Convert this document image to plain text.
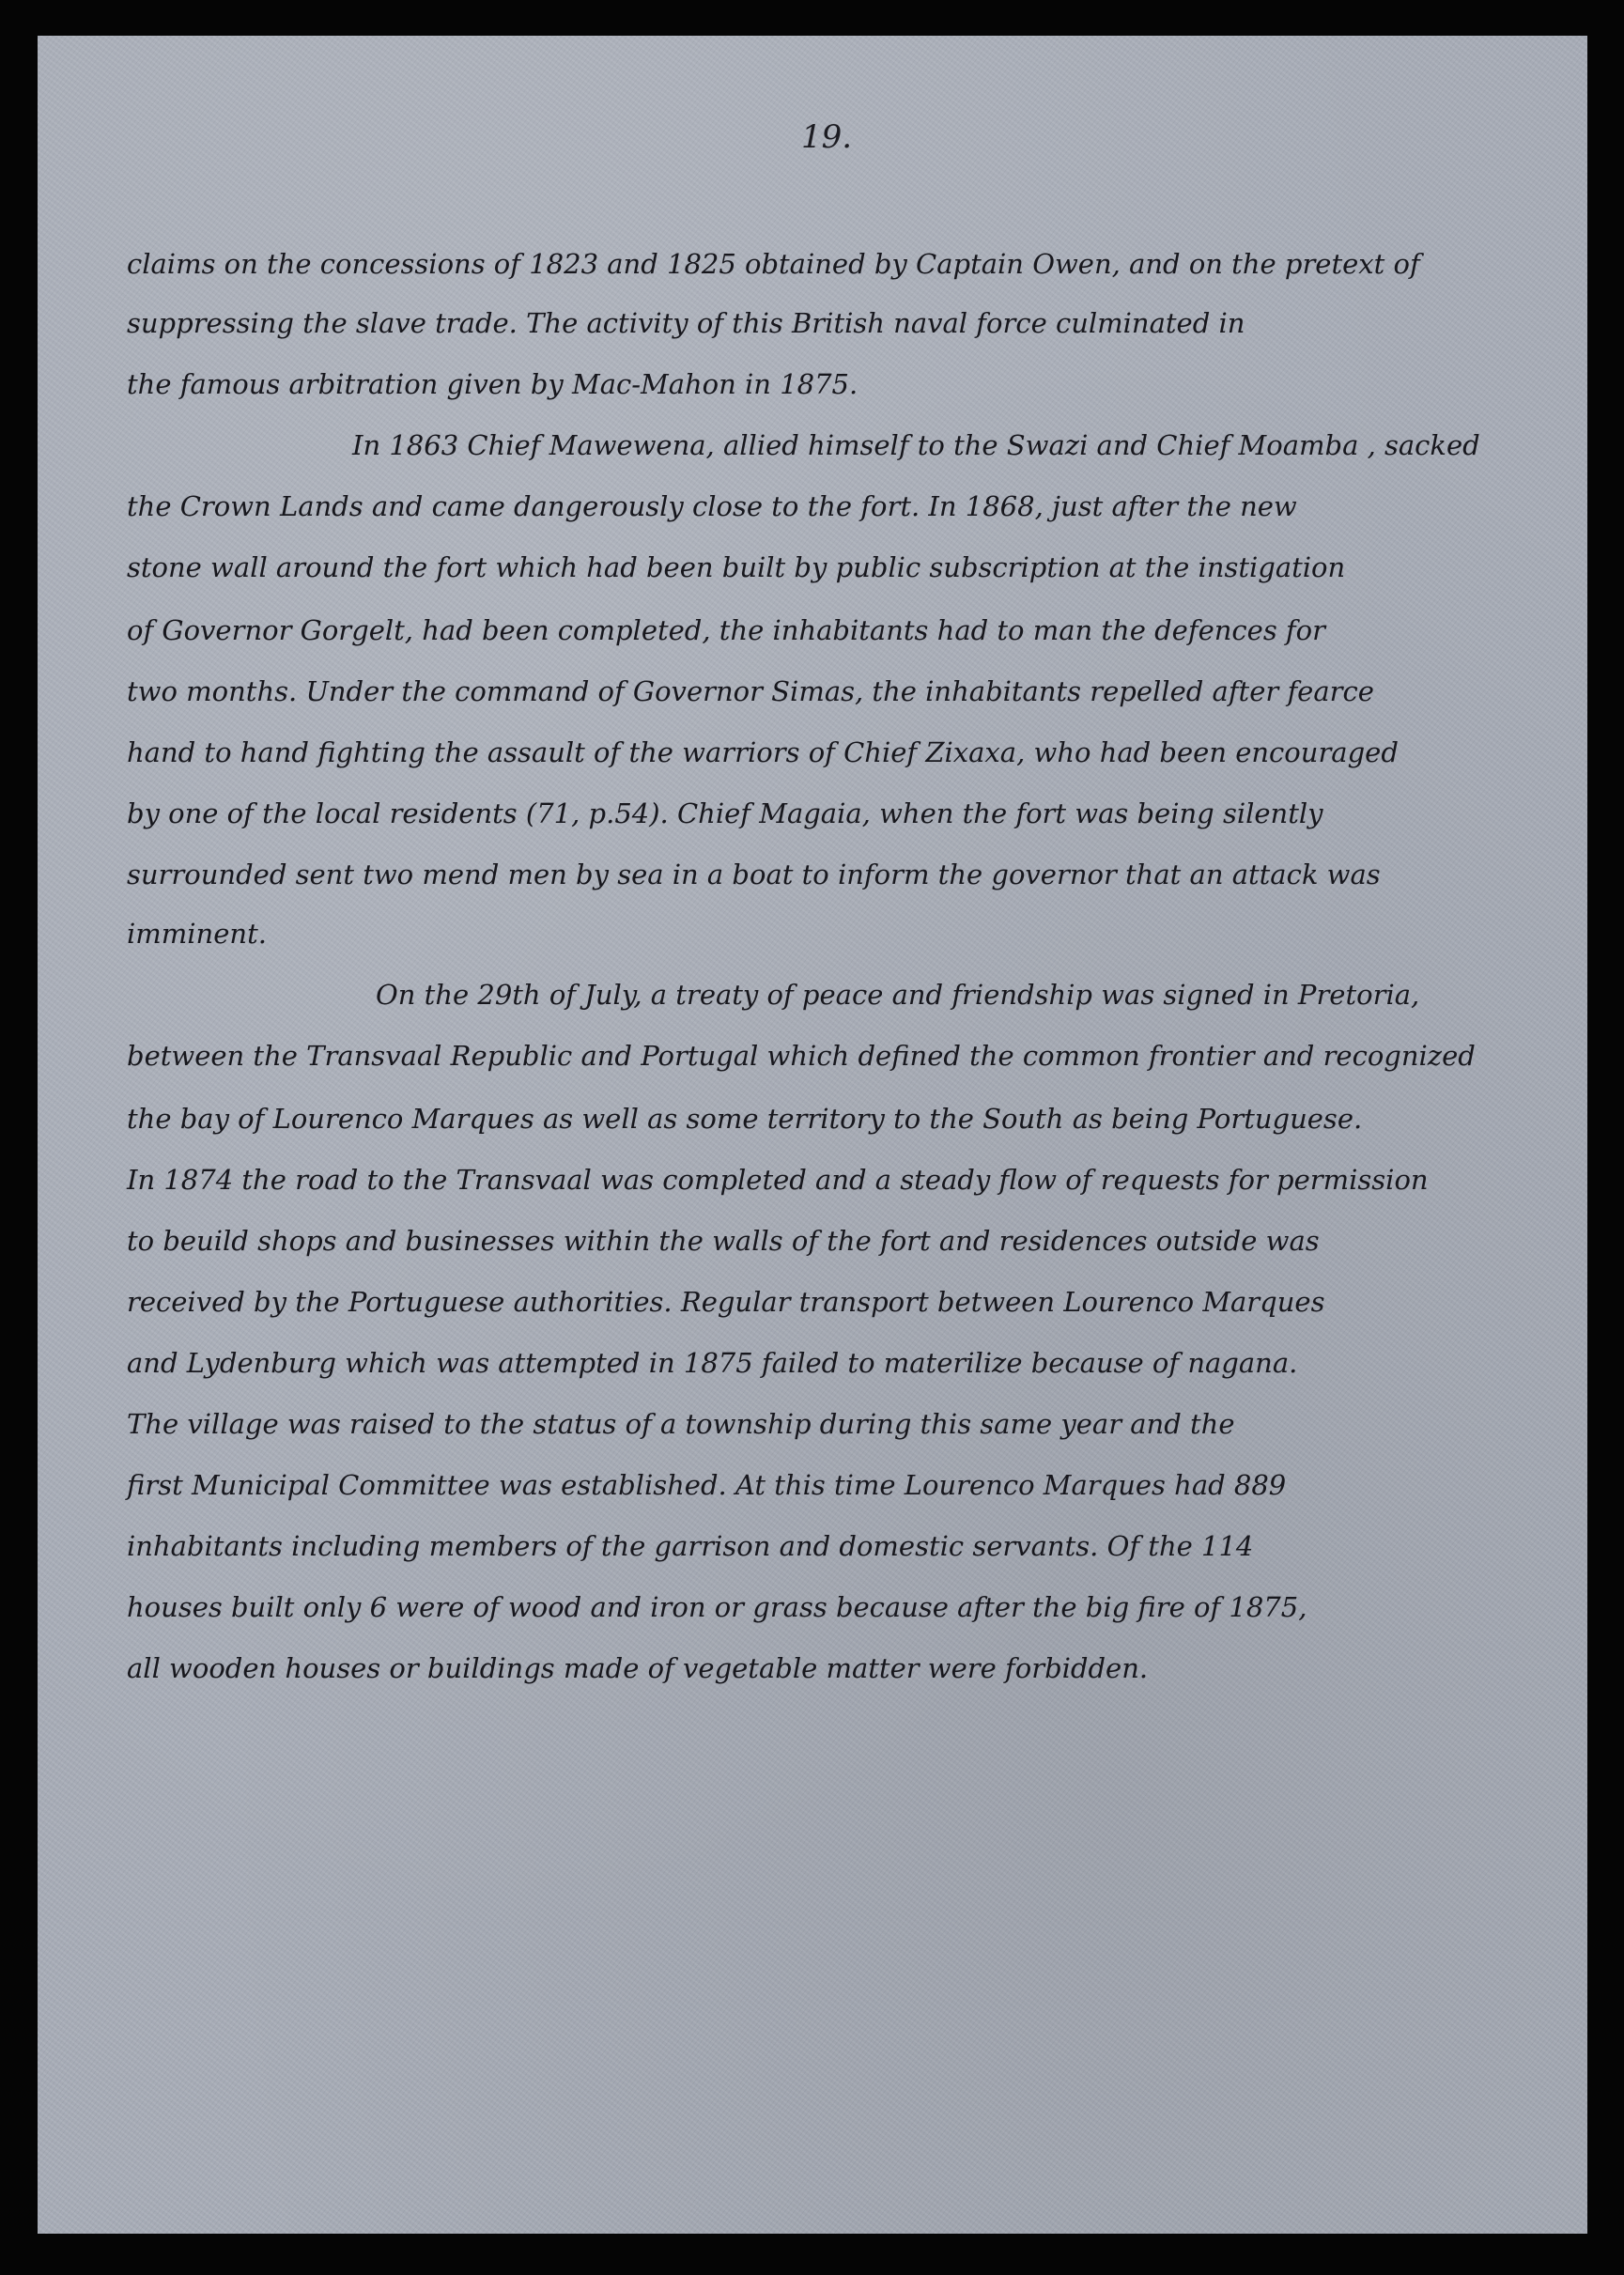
19.
claims on the concessions of 1823 and 1825 obtained by Captain Owen, and on the pretext of
suppressing the slave trade. The activity of this British naval force culminated in
the famous arbitration given by Mac-Mahon in 1875.
In 1863 Chief Mawewena, allied himself to the Swazi and Chief Moamba , sacked
the Crown Lands and came dangerously close to the fort. In 1868, just after the new
stone wall around the fort which had been built by public subscription at the instigation
of Governor Gorgelt, had been completed, the inhabitants had to man the defences for
two months. Under the command of Governor Simas, the inhabitants repelled after fearce
hand to hand fighting the assault of the warriors of Chief Zixaxa, who had been encouraged
by one of the local residents (71, p.54). Chief Magaia, when the fort was being silently
surrounded sent two mend men by sea in a boat to inform the governor that an attack was
imminent.
On the 29th of July, a treaty of peace and friendship was signed in Pretoria,
between the Transvaal Republic and Portugal which defined the common frontier and recognized
the bay of Lourenco Marques as well as some territory to the South as being Portuguese.
In 1874 the road to the Transvaal was completed and a steady flow of requests for permission
to beuild shops and businesses within the walls of the fort and residences outside was
received by the Portuguese authorities. Regular transport between Lourenco Marques
and Lydenburg which was attempted in 1875 failed to materilize because of nagana.
The village was raised to the status of a township during this same year and the
first Municipal Committee was established. At this time Lourenco Marques had 889
inhabitants including members of the garrison and domestic servants. Of the 114
houses built only 6 were of wood and iron or grass because after the big fire of 1875,
all wooden houses or buildings made of vegetable matter were forbidden.
